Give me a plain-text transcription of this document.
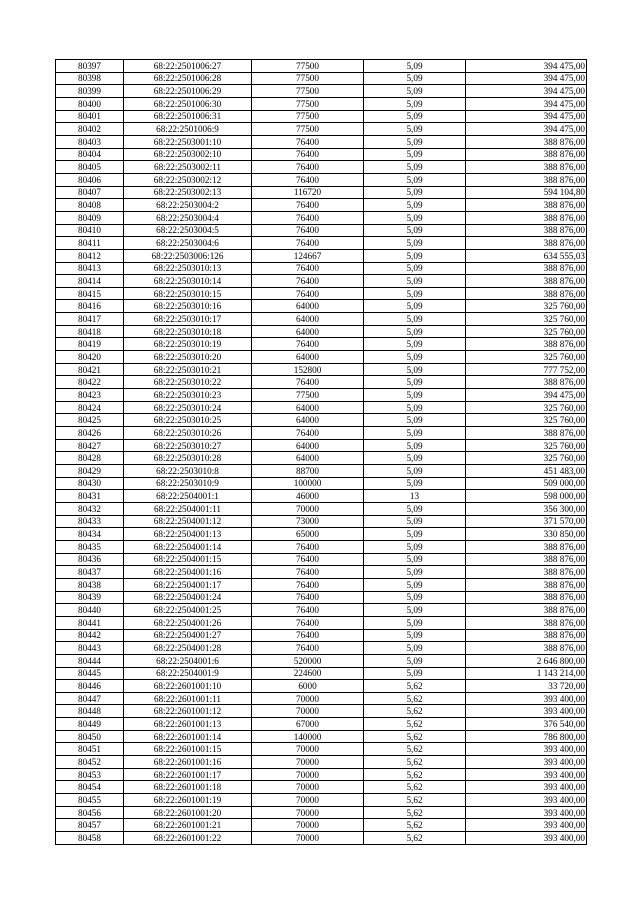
80397	68:22:2501006:27	77500	5,09	394 475,00
80398	68:22:2501006:28	77500	5,09	394 475,00
80399	68:22:2501006:29	77500	5,09	394 475,00
80400	68:22:2501006:30	77500	5,09	394 475,00
80401	68:22:2501006:31	77500	5,09	394 475,00
80402	68:22:2501006:9	77500	5,09	394 475,00
80403	68:22:2503001:10	76400	5,09	388 876,00
80404	68:22:2503002:10	76400	5,09	388 876,00
80405	68:22:2503002:11	76400	5,09	388 876,00
80406	68:22:2503002:12	76400	5,09	388 876,00
80407	68:22:2503002:13	116720	5,09	594 104,80
80408	68:22:2503004:2	76400	5,09	388 876,00
80409	68:22:2503004:4	76400	5,09	388 876,00
80410	68:22:2503004:5	76400	5,09	388 876,00
80411	68:22:2503004:6	76400	5,09	388 876,00
80412	68:22:2503006:126	124667	5,09	634 555,03
80413	68:22:2503010:13	76400	5,09	388 876,00
80414	68:22:2503010:14	76400	5,09	388 876,00
80415	68:22:2503010:15	76400	5,09	388 876,00
80416	68:22:2503010:16	64000	5,09	325 760,00
80417	68:22:2503010:17	64000	5,09	325 760,00
80418	68:22:2503010:18	64000	5,09	325 760,00
80419	68:22:2503010:19	76400	5,09	388 876,00
80420	68:22:2503010:20	64000	5,09	325 760,00
80421	68:22:2503010:21	152800	5,09	777 752,00
80422	68:22:2503010:22	76400	5,09	388 876,00
80423	68:22:2503010:23	77500	5,09	394 475,00
80424	68:22:2503010:24	64000	5,09	325 760,00
80425	68:22:2503010:25	64000	5,09	325 760,00
80426	68:22:2503010:26	76400	5,09	388 876,00
80427	68:22:2503010:27	64000	5,09	325 760,00
80428	68:22:2503010:28	64000	5,09	325 760,00
80429	68:22:2503010:8	88700	5,09	451 483,00
80430	68:22:2503010:9	100000	5,09	509 000,00
80431	68:22:2504001:1	46000	13	598 000,00
80432	68:22:2504001:11	70000	5,09	356 300,00
80433	68:22:2504001:12	73000	5,09	371 570,00
80434	68:22:2504001:13	65000	5,09	330 850,00
80435	68:22:2504001:14	76400	5,09	388 876,00
80436	68:22:2504001:15	76400	5,09	388 876,00
80437	68:22:2504001:16	76400	5,09	388 876,00
80438	68:22:2504001:17	76400	5,09	388 876,00
80439	68:22:2504001:24	76400	5,09	388 876,00
80440	68:22:2504001:25	76400	5,09	388 876,00
80441	68:22:2504001:26	76400	5,09	388 876,00
80442	68:22:2504001:27	76400	5,09	388 876,00
80443	68:22:2504001:28	76400	5,09	388 876,00
80444	68:22:2504001:6	520000	5,09	2 646 800,00
80445	68:22:2504001:9	224600	5,09	1 143 214,00
80446	68:22:2601001:10	6000	5,62	33 720,00
80447	68:22:2601001:11	70000	5,62	393 400,00
80448	68:22:2601001:12	70000	5,62	393 400,00
80449	68:22:2601001:13	67000	5,62	376 540,00
80450	68:22:2601001:14	140000	5,62	786 800,00
80451	68:22:2601001:15	70000	5,62	393 400,00
80452	68:22:2601001:16	70000	5,62	393 400,00
80453	68:22:2601001:17	70000	5,62	393 400,00
80454	68:22:2601001:18	70000	5,62	393 400,00
80455	68:22:2601001:19	70000	5,62	393 400,00
80456	68:22:2601001:20	70000	5,62	393 400,00
80457	68:22:2601001:21	70000	5,62	393 400,00
80458	68:22:2601001:22	70000	5,62	393 400,00
